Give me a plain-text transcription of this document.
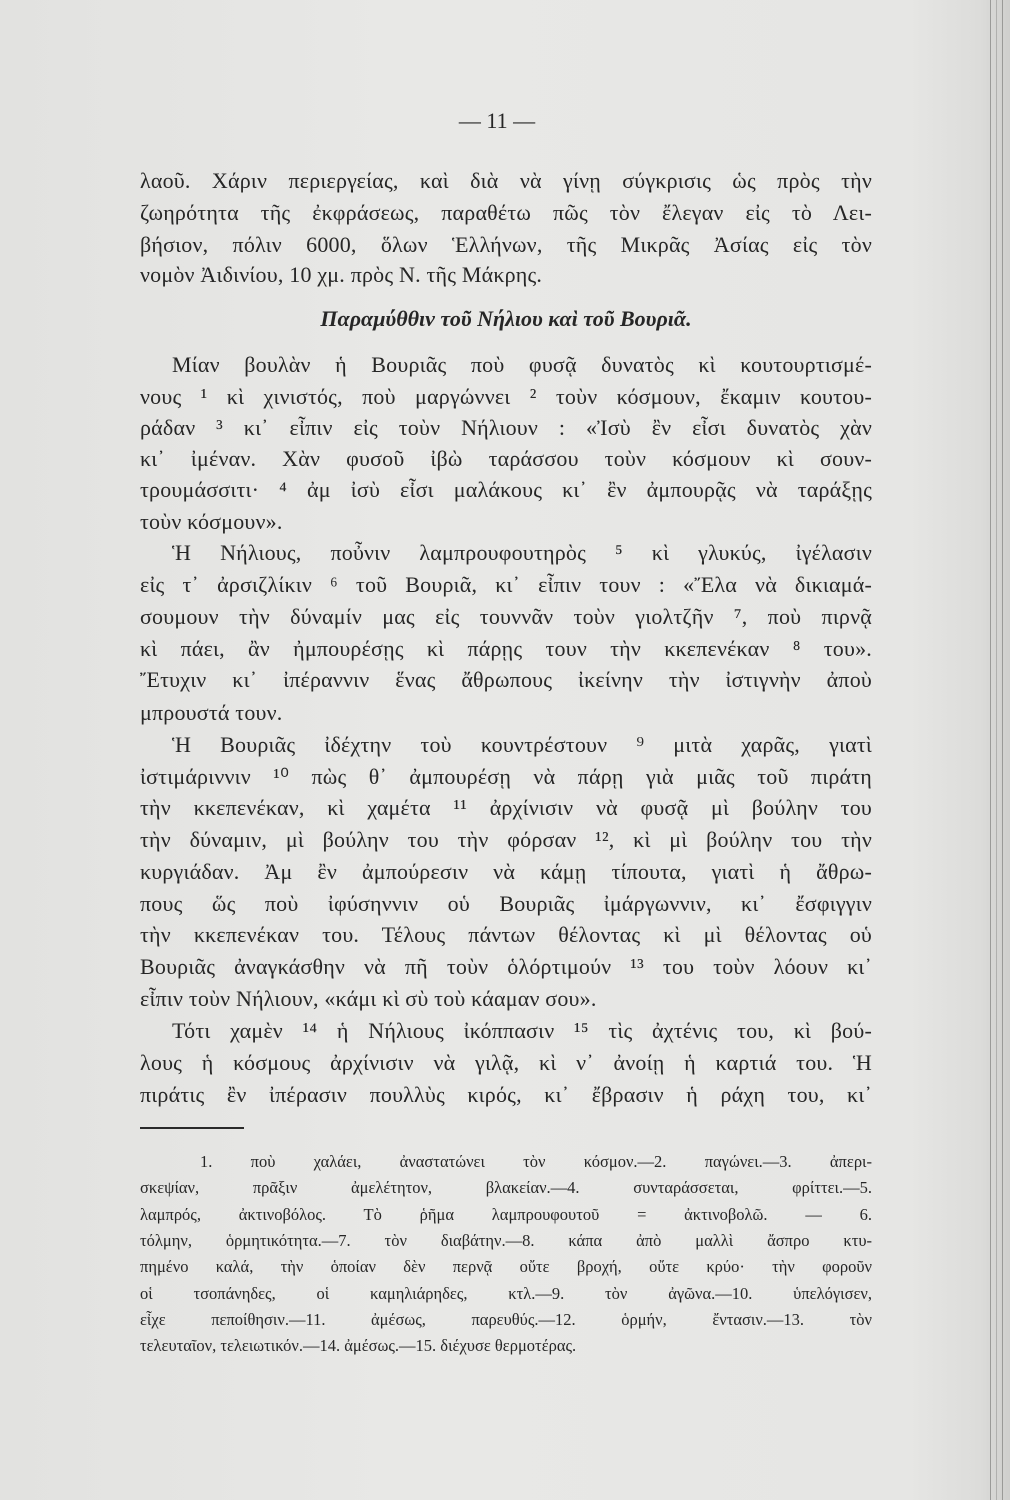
— 11 —
Παραμύθθιν τοῦ Νήλιου καὶ τοῦ Βουριᾶ.
λαοῦ. Χάριν περιεργείας, καὶ διὰ νὰ γίνῃ σύγκρισις ὡς πρὸς τὴν
ζωηρότητα τῆς ἐκφράσεως, παραθέτω πῶς τὸν ἔλεγαν εἰς τὸ Λει-
βήσιον, πόλιν 6000, ὅλων Ἑλλήνων, τῆς Μικρᾶς Ἀσίας εἰς τὸν
νομὸν Ἀιδινίου, 10 χμ. πρὸς Ν. τῆς Μάκρης.
Μίαν βουλὰν ἡ Βουριᾶς ποὺ φυσᾷ δυνατὸς κὶ κουτουρτισμέ-
νους ¹ κὶ χινιστός, ποὺ μαργώννει ² τοὺν κόσμουν, ἔκαμιν κουτου-
ράδαν ³ κι᾿ εἶπιν εἰς τοὺν Νήλιουν : «Ἰσὺ ἒν εἶσι δυνατὸς χὰν
κι᾿ ἰμέναν. Χὰν φυσοῦ ἰβὼ ταράσσου τοὺν κόσμουν κὶ σουν-
τρουμάσσιτι· ⁴ ἀμ ἰσὺ εἶσι μαλάκους κι᾿ ἒν ἀμπουρᾷς νὰ ταράξῃς
τοὺν κόσμουν».
Ἡ Νήλιους, ποὖνιν λαμπρουφουτηρὸς ⁵ κὶ γλυκύς, ἰγέλασιν
εἰς τ᾿ ἀρσιζλίκιν ⁶ τοῦ Βουριᾶ, κι᾿ εἶπιν τουν : «Ἔλα νὰ δικιαμά-
σουμουν τὴν δύναμίν μας εἰς τουννᾶν τοὺν γιολτζῆν ⁷, ποὺ πιρνᾷ
κὶ πάει, ἂν ἠμπουρέσῃς κὶ πάρῃς τουν τὴν κκεπενέκαν ⁸ του».
Ἔτυχιν κι᾿ ἰπέραννιν ἕνας ἄθρωπους ἰκείνην τὴν ἰστιγνὴν ἀποὺ
μπρουστά τουν.
Ἡ Βουριᾶς ἰδέχτην τοὺ κουντρέστουν ⁹ μιτὰ χαρᾶς, γιατὶ
ἰστιμάριννιν ¹⁰ πὼς θ᾿ ἀμπουρέσῃ νὰ πάρῃ γιὰ μιᾶς τοῦ πιράτη
τὴν κκεπενέκαν, κὶ χαμέτα ¹¹ ἀρχίνισιν νὰ φυσᾷ μὶ βούλην του
τὴν δύναμιν, μὶ βούλην του τὴν φόρσαν ¹², κὶ μὶ βούλην του τὴν
κυργιάδαν. Ἀμ ἒν ἀμπούρεσιν νὰ κάμῃ τίπουτα, γιατὶ ἡ ἄθρω-
πους ὥς ποὺ ἰφύσηννιν οὑ Βουριᾶς ἰμάργωννιν, κι᾿ ἔσφιγγιν
τὴν κκεπενέκαν του. Τέλους πάντων θέλοντας κὶ μὶ θέλοντας οὑ
Βουριᾶς ἀναγκάσθην νὰ πῆ τοὺν ὁλόρτιμούν ¹³ του τοὺν λόουν κι᾿
εἶπιν τοὺν Νήλιουν, «κάμι κὶ σὺ τοὺ κάαμαν σου».
Τότι χαμὲν ¹⁴ ἡ Νήλιους ἰκόππασιν ¹⁵ τὶς ἀχτένις του, κὶ βού-
λους ἡ κόσμους ἀρχίνισιν νὰ γιλᾷ, κὶ ν᾿ ἀνοίῃ ἡ καρτιά του. Ἡ
πιράτις ἒν ἰπέρασιν πουλλὺς κιρός, κι᾿ ἔβρασιν ἡ ράχη του, κι᾿
1. ποὺ χαλάει, ἀναστατώνει τὸν κόσμον.—2. παγώνει.—3. ἀπερι-
σκεψίαν, πρᾶξιν ἀμελέτητον, βλακείαν.—4. συνταράσσεται, φρίττει.—5.
λαμπρός, ἀκτινοβόλος. Τὸ ῥῆμα λαμπρουφουτοῦ = ἀκτινοβολῶ. — 6.
τόλμην, ὁρμητικότητα.—7. τὸν διαβάτην.—8. κάπα ἀπὸ μαλλὶ ἄσπρο κτυ-
πημένο καλά, τὴν ὁποίαν δὲν περνᾷ οὔτε βροχή, οὔτε κρύο· τὴν φοροῦν
οἱ τσοπάνηδες, οἱ καμηλιάρηδες, κτλ.—9. τὸν ἀγῶνα.—10. ὑπελόγισεν,
εἶχε πεποίθησιν.—11. ἀμέσως, παρευθύς.—12. ὁρμήν, ἔντασιν.—13. τὸν
τελευταῖον, τελειωτικόν.—14. ἀμέσως.—15. διέχυσε θερμοτέρας.
